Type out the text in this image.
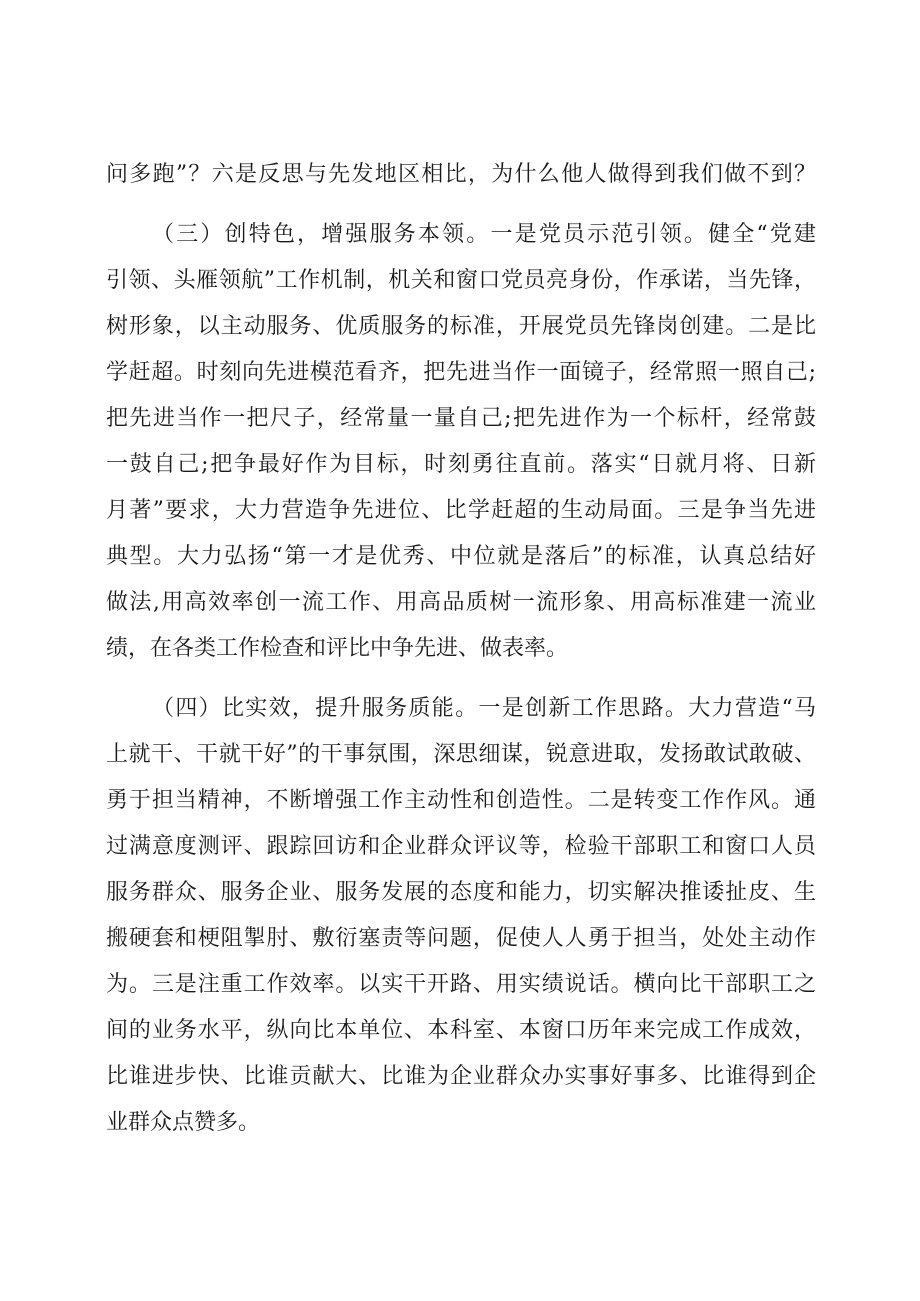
问多跑”？六是反思与先发地区相比，为什么他人做得到我们做不到？
（三）创特色，增强服务本领。一是党员示范引领。健全“党建
引领、头雁领航”工作机制，机关和窗口党员亮身份，作承诺，当先锋，
树形象，以主动服务、优质服务的标准，开展党员先锋岗创建。二是比
学赶超。时刻向先进模范看齐，把先进当作一面镜子，经常照一照自己;
把先进当作一把尺子，经常量一量自己;把先进作为一个标杆，经常鼓
一鼓自己;把争最好作为目标，时刻勇往直前。落实“日就月将、日新
月著”要求，大力营造争先进位、比学赶超的生动局面。三是争当先进
典型。大力弘扬“第一才是优秀、中位就是落后”的标准，认真总结好
做法,用高效率创一流工作、用高品质树一流形象、用高标准建一流业
绩，在各类工作检查和评比中争先进、做表率。
（四）比实效，提升服务质能。一是创新工作思路。大力营造“马
上就干、干就干好”的干事氛围，深思细谋，锐意进取，发扬敢试敢破、
勇于担当精神，不断增强工作主动性和创造性。二是转变工作作风。通
过满意度测评、跟踪回访和企业群众评议等，检验干部职工和窗口人员
服务群众、服务企业、服务发展的态度和能力，切实解决推诿扯皮、生
搬硬套和梗阻掣肘、敷衍塞责等问题，促使人人勇于担当，处处主动作
为。三是注重工作效率。以实干开路、用实绩说话。横向比干部职工之
间的业务水平，纵向比本单位、本科室、本窗口历年来完成工作成效，
比谁进步快、比谁贡献大、比谁为企业群众办实事好事多、比谁得到企
业群众点赞多。
